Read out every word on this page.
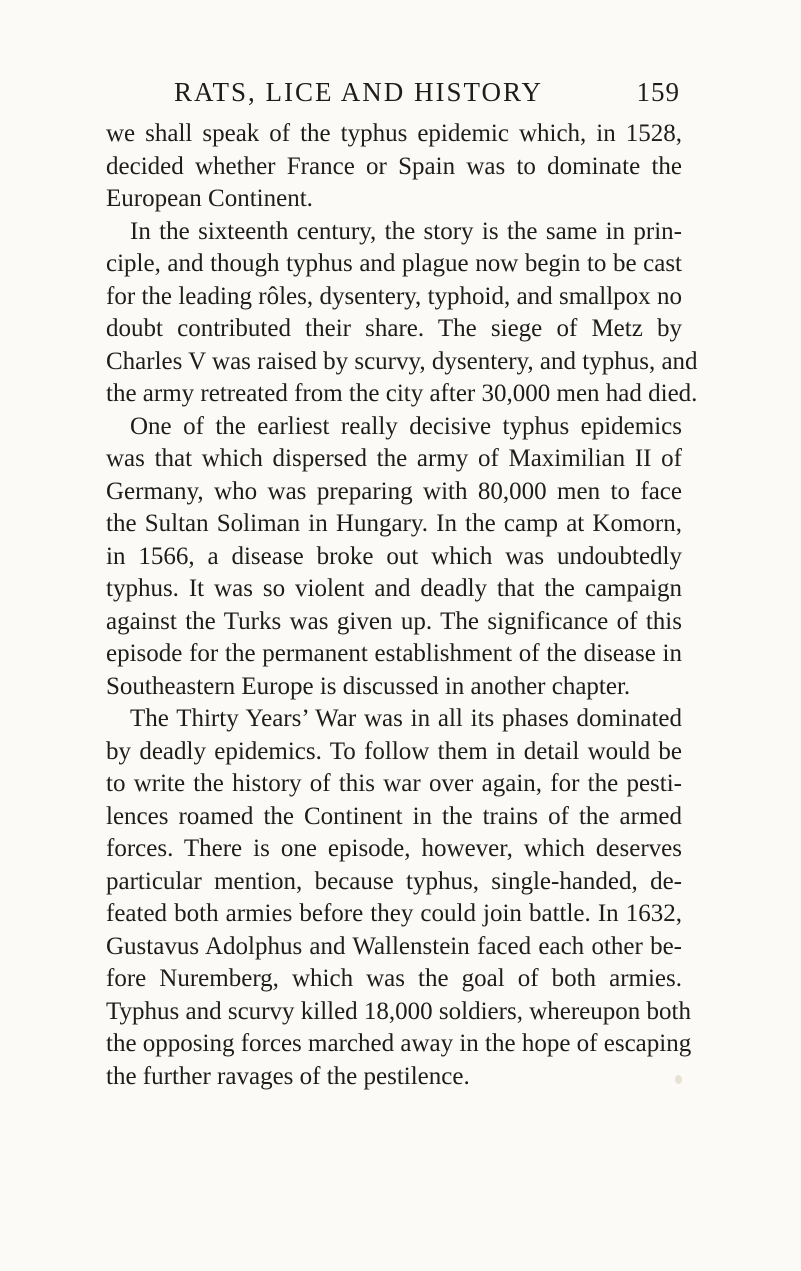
RATS, LICE AND HISTORY	159
we shall speak of the typhus epidemic which, in 1528,
decided whether France or Spain was to dominate the
European Continent.
In the sixteenth century, the story is the same in prin-
ciple, and though typhus and plague now begin to be cast
for the leading rôles, dysentery, typhoid, and smallpox no
doubt contributed their share. The siege of Metz by
Charles V was raised by scurvy, dysentery, and typhus, and
the army retreated from the city after 30,000 men had died.
One of the earliest really decisive typhus epidemics
was that which dispersed the army of Maximilian II of
Germany, who was preparing with 80,000 men to face
the Sultan Soliman in Hungary. In the camp at Komorn,
in 1566, a disease broke out which was undoubtedly
typhus. It was so violent and deadly that the campaign
against the Turks was given up. The significance of this
episode for the permanent establishment of the disease in
Southeastern Europe is discussed in another chapter.
The Thirty Years’ War was in all its phases dominated
by deadly epidemics. To follow them in detail would be
to write the history of this war over again, for the pesti-
lences roamed the Continent in the trains of the armed
forces. There is one episode, however, which deserves
particular mention, because typhus, single-handed, de-
feated both armies before they could join battle. In 1632,
Gustavus Adolphus and Wallenstein faced each other be-
fore Nuremberg, which was the goal of both armies.
Typhus and scurvy killed 18,000 soldiers, whereupon both
the opposing forces marched away in the hope of escaping
the further ravages of the pestilence.
